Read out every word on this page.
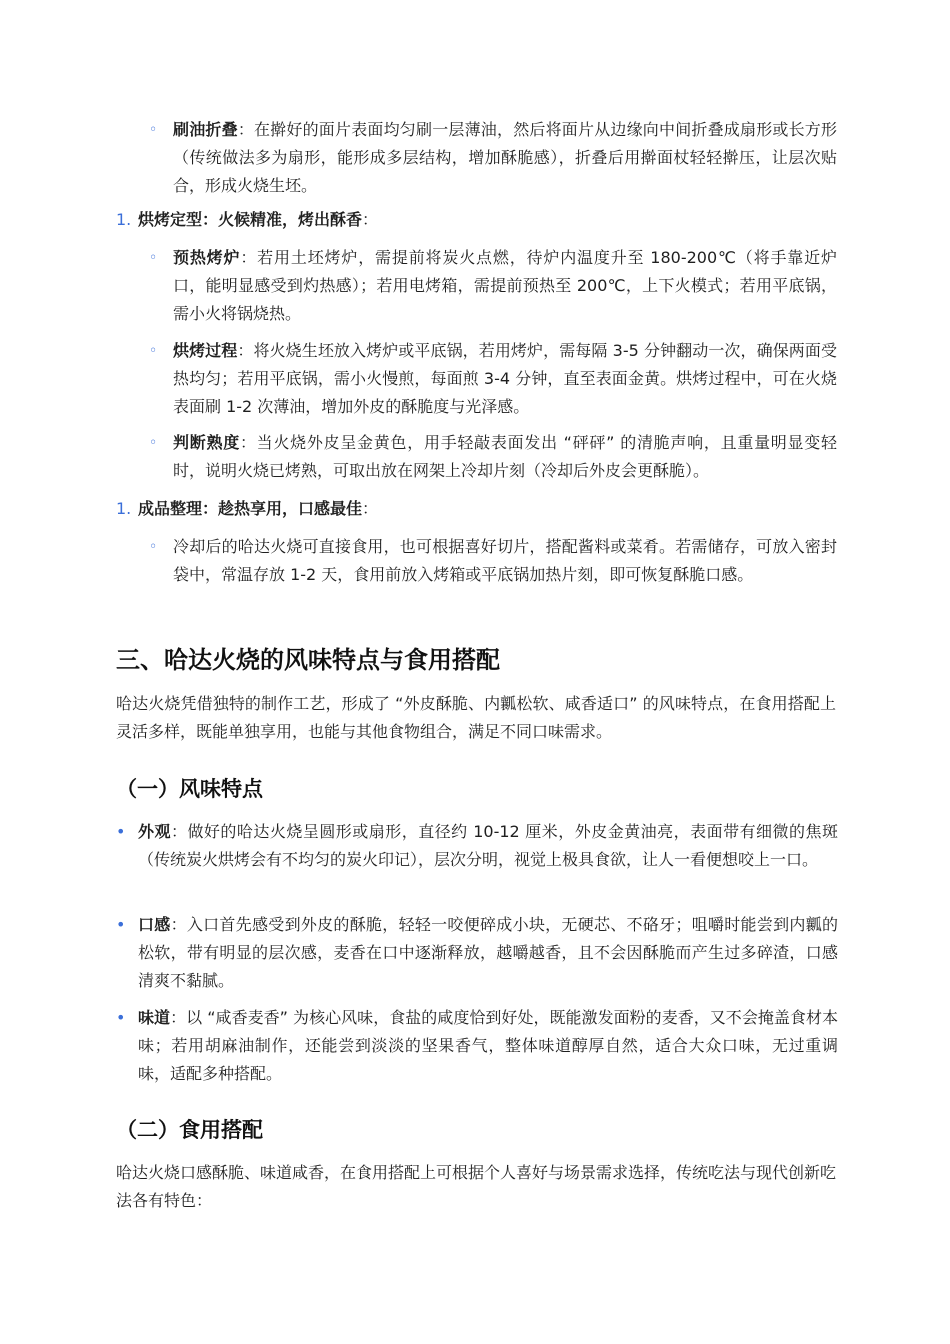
◦ 刷油折叠：在擀好的面片表面均匀刷一层薄油，然后将面片从边缘向中间折叠成扇形或长方形（传统做法多为扇形，能形成多层结构，增加酥脆感），折叠后用擀面杖轻轻擀压，让层次贴合，形成火烧生坯。
1. 烘烤定型：火候精准，烤出酥香：
◦ 预热烤炉：若用土坯烤炉，需提前将炭火点燃，待炉内温度升至 180-200℃（将手靠近炉口，能明显感受到灼热感）；若用电烤箱，需提前预热至 200℃，上下火模式；若用平底锅，需小火将锅烧热。
◦ 烘烤过程：将火烧生坯放入烤炉或平底锅，若用烤炉，需每隔 3-5 分钟翻动一次，确保两面受热均匀；若用平底锅，需小火慢煎，每面煎 3-4 分钟，直至表面金黄。烘烤过程中，可在火烧表面刷 1-2 次薄油，增加外皮的酥脆度与光泽感。
◦ 判断熟度：当火烧外皮呈金黄色，用手轻敲表面发出 “砰砰” 的清脆声响，且重量明显变轻时，说明火烧已烤熟，可取出放在网架上冷却片刻（冷却后外皮会更酥脆）。
1. 成品整理：趁热享用，口感最佳：
◦ 冷却后的哈达火烧可直接食用，也可根据喜好切片，搭配酱料或菜肴。若需储存，可放入密封袋中，常温存放 1-2 天，食用前放入烤箱或平底锅加热片刻，即可恢复酥脆口感。
三、哈达火烧的风味特点与食用搭配
哈达火烧凭借独特的制作工艺，形成了 “外皮酥脆、内瓤松软、咸香适口” 的风味特点，在食用搭配上灵活多样，既能单独享用，也能与其他食物组合，满足不同口味需求。
（一）风味特点
• 外观：做好的哈达火烧呈圆形或扇形，直径约 10-12 厘米，外皮金黄油亮，表面带有细微的焦斑（传统炭火烘烤会有不均匀的炭火印记），层次分明，视觉上极具食欲，让人一看便想咬上一口。
• 口感：入口首先感受到外皮的酥脆，轻轻一咬便碎成小块，无硬芯、不硌牙；咀嚼时能尝到内瓤的松软，带有明显的层次感，麦香在口中逐渐释放，越嚼越香，且不会因酥脆而产生过多碎渣，口感清爽不黏腻。
• 味道：以 “咸香麦香” 为核心风味，食盐的咸度恰到好处，既能激发面粉的麦香，又不会掩盖食材本味；若用胡麻油制作，还能尝到淡淡的坚果香气，整体味道醇厚自然，适合大众口味，无过重调味，适配多种搭配。
（二）食用搭配
哈达火烧口感酥脆、味道咸香，在食用搭配上可根据个人喜好与场景需求选择，传统吃法与现代创新吃法各有特色：
